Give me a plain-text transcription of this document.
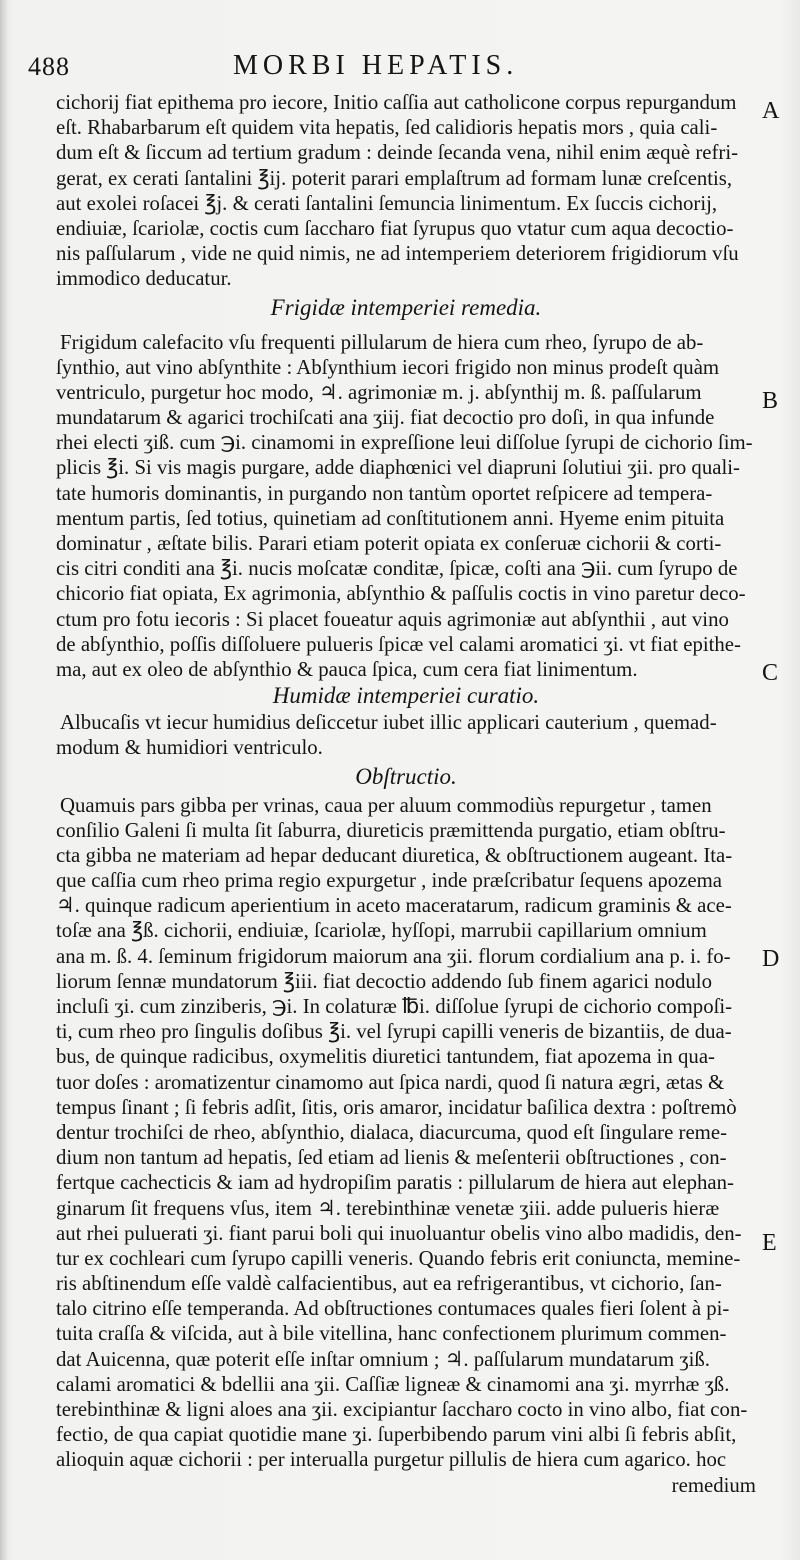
488	MORBI HEPATIS.
A
B
C
D
E
cichorij fiat epithema pro iecore, Initio caſſia aut catholicone corpus repurgandum
eſt. Rhabarbarum eſt quidem vita hepatis, ſed calidioris hepatis mors , quia cali-
dum eſt & ſiccum ad tertium gradum : deinde ſecanda vena, nihil enim æquè refri-
gerat, ex cerati ſantalini ℥ij. poterit parari emplaſtrum ad formam lunæ creſcentis,
aut exolei roſacei ℥j. & cerati ſantalini ſemuncia linimentum. Ex ſuccis cichorij,
endiuiæ, ſcariolæ, coctis cum ſaccharo fiat ſyrupus quo vtatur cum aqua decoctio-
nis paſſularum , vide ne quid nimis, ne ad intemperiem deteriorem frigidiorum vſu
immodico deducatur.
Frigidæ intemperiei remedia.
Frigidum calefacito vſu frequenti pillularum de hiera cum rheo, ſyrupo de ab-
ſynthio, aut vino abſynthite : Abſynthium iecori frigido non minus prodeſt quàm
ventriculo, purgetur hoc modo, ♃. agrimoniæ m. j. abſynthij m. ß. paſſularum
mundatarum & agarici trochiſcati ana ʒiij. fiat decoctio pro doſi, in qua infunde
rhei electi ʒiß. cum ℈i. cinamomi in expreſſione leui diſſolue ſyrupi de cichorio ſim-
plicis ℥i. Si vis magis purgare, adde diaphœnici vel diapruni ſolutiui ʒii. pro quali-
tate humoris dominantis, in purgando non tantùm oportet reſpicere ad tempera-
mentum partis, ſed totius, quinetiam ad conſtitutionem anni. Hyeme enim pituita
dominatur , æſtate bilis. Parari etiam poterit opiata ex conſeruæ cichorii & corti-
cis citri conditi ana ℥i. nucis moſcatæ conditæ, ſpicæ, coſti ana ℈ii. cum ſyrupo de
chicorio fiat opiata, Ex agrimonia, abſynthio & paſſulis coctis in vino paretur deco-
ctum pro fotu iecoris : Si placet foueatur aquis agrimoniæ aut abſynthii , aut vino
de abſynthio, poſſis diſſoluere pulueris ſpicæ vel calami aromatici ʒi. vt fiat epithe-
ma, aut ex oleo de abſynthio & pauca ſpica, cum cera fiat linimentum.
Humidæ intemperiei curatio.
Albucaſis vt iecur humidius deſiccetur iubet illic applicari cauterium , quemad-
modum & humidiori ventriculo.
Obſtructio.
Quamuis pars gibba per vrinas, caua per aluum commodiùs repurgetur , tamen
conſilio Galeni ſi multa ſit ſaburra, diureticis præmittenda purgatio, etiam obſtru-
cta gibba ne materiam ad hepar deducant diuretica, & obſtructionem augeant. Ita-
que caſſia cum rheo prima regio expurgetur , inde præſcribatur ſequens apozema
♃. quinque radicum aperientium in aceto maceratarum, radicum graminis & ace-
toſæ ana ℥ß. cichorii, endiuiæ, ſcariolæ, hyſſopi, marrubii capillarium omnium
ana m. ß. 4. ſeminum frigidorum maiorum ana ʒii. florum cordialium ana p. i. fo-
liorum ſennæ mundatorum ℥iii. fiat decoctio addendo ſub finem agarici nodulo
incluſi ʒi. cum zinziberis, ℈i. In colaturæ ℔i. diſſolue ſyrupi de cichorio compoſi-
ti, cum rheo pro ſingulis doſibus ℥i. vel ſyrupi capilli veneris de bizantiis, de dua-
bus, de quinque radicibus, oxymelitis diuretici tantundem, fiat apozema in qua-
tuor doſes : aromatizentur cinamomo aut ſpica nardi, quod ſi natura ægri, ætas &
tempus ſinant ; ſi febris adſit, ſitis, oris amaror, incidatur baſilica dextra : poſtremò
dentur trochiſci de rheo, abſynthio, dialaca, diacurcuma, quod eſt ſingulare reme-
dium non tantum ad hepatis, ſed etiam ad lienis & meſenterii obſtructiones , con-
fertque cachecticis & iam ad hydropiſim paratis : pillularum de hiera aut elephan-
ginarum ſit frequens vſus, item ♃. terebinthinæ venetæ ʒiii. adde pulueris hieræ
aut rhei puluerati ʒi. fiant parui boli qui inuoluantur obelis vino albo madidis, den-
tur ex cochleari cum ſyrupo capilli veneris. Quando febris erit coniuncta, memine-
ris abſtinendum eſſe valdè calfacientibus, aut ea refrigerantibus, vt cichorio, ſan-
talo citrino eſſe temperanda. Ad obſtructiones contumaces quales fieri ſolent à pi-
tuita craſſa & viſcida, aut à bile vitellina, hanc confectionem plurimum commen-
dat Auicenna, quæ poterit eſſe inſtar omnium ; ♃. paſſularum mundatarum ʒiß.
calami aromatici & bdellii ana ʒii. Caſſiæ ligneæ & cinamomi ana ʒi. myrrhæ ʒß.
terebinthinæ & ligni aloes ana ʒii. excipiantur ſaccharo cocto in vino albo, fiat con-
fectio, de qua capiat quotidie mane ʒi. ſuperbibendo parum vini albi ſi febris abſit,
alioquin aquæ cichorii : per interualla purgetur pillulis de hiera cum agarico. hoc
remedium
